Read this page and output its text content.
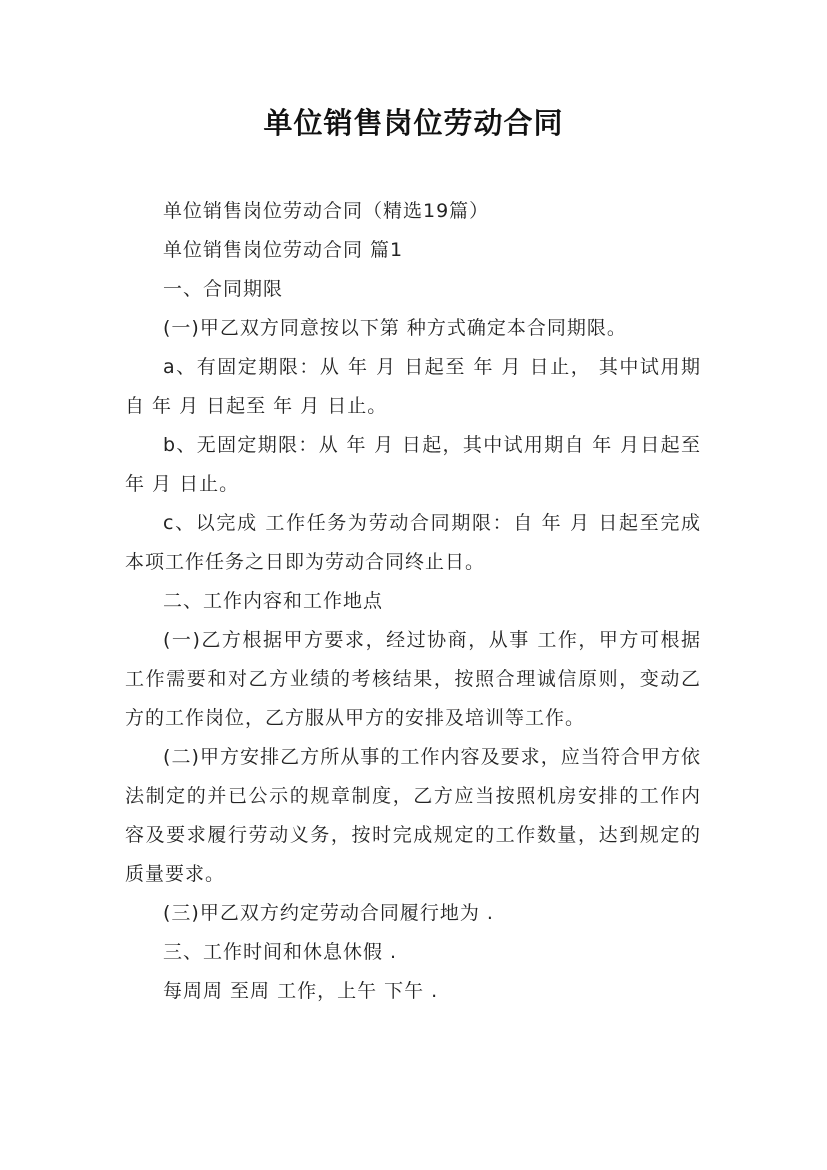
单位销售岗位劳动合同

单位销售岗位劳动合同（精选19篇）

单位销售岗位劳动合同 篇1

一、合同期限

(一)甲乙双方同意按以下第 种方式确定本合同期限。

a、有固定期限：从 年 月 日起至 年 月 日止， 其中试用期自 年 月 日起至 年 月 日止。

b、无固定期限：从 年 月 日起，其中试用期自 年 月日起至 年 月 日止。

c、以完成 工作任务为劳动合同期限：自 年 月 日起至完成本项工作任务之日即为劳动合同终止日。

二、工作内容和工作地点

(一)乙方根据甲方要求，经过协商，从事 工作，甲方可根据工作需要和对乙方业绩的考核结果，按照合理诚信原则，变动乙方的工作岗位，乙方服从甲方的安排及培训等工作。

(二)甲方安排乙方所从事的工作内容及要求，应当符合甲方依法制定的并已公示的规章制度，乙方应当按照机房安排的工作内容及要求履行劳动义务，按时完成规定的工作数量，达到规定的质量要求。

(三)甲乙双方约定劳动合同履行地为 .

三、工作时间和休息休假 .

每周周 至周 工作，上午 下午 .
